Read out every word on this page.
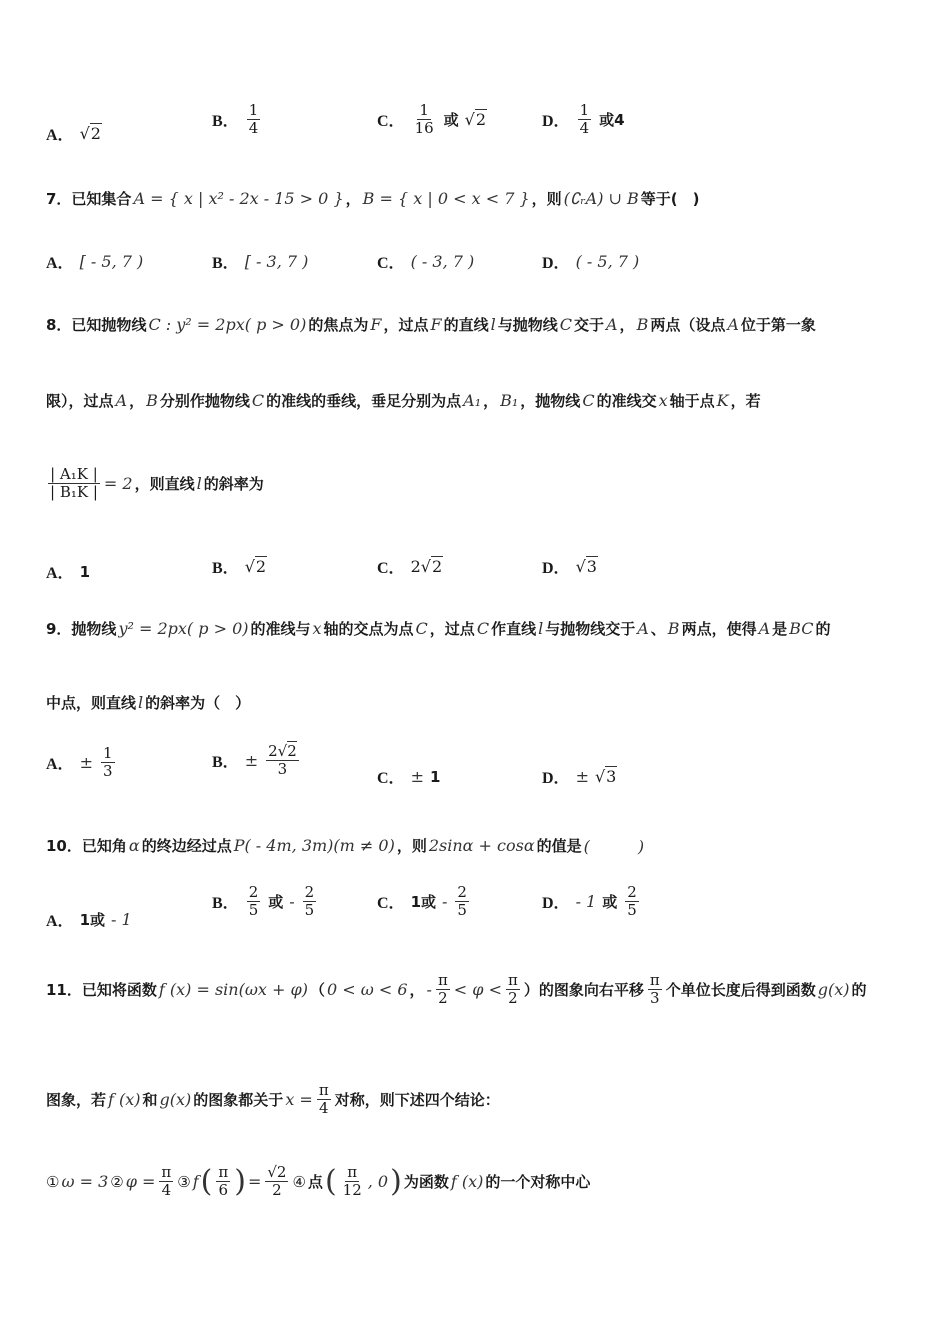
A． √2
B． $\frac{1}{4}$	C． $\frac{1}{16}$ 或 √2	D． $\frac{1}{4}$ 或4
7．已知集合 A = { x | x² - 2x - 15 > 0 } ， B = { x | 0 < x < 7 } ，则 (∁ᵣA) ∪ B 等于(　)
A． [ - 5, 7 )	B． [ - 3, 7 )	C． ( - 3, 7 )	D． ( - 5, 7 )
8．已知抛物线 C : y² = 2px( p > 0) 的焦点为 F ，过点 F 的直线 l 与抛物线 C 交于 A ， B 两点（设点 A 位于第一象
限），过点 A ， B 分别作抛物线 C 的准线的垂线，垂足分别为点 A₁ ， B₁ ，抛物线 C 的准线交 x 轴于点 K ，若
$\frac{\text{| A₁K |}}{\text{| B₁K |}} = 2$ ，则直线 l 的斜率为
A． 1	B． √2	C． 2√2	D． √3
9．抛物线 y² = 2px( p > 0) 的准线与 x 轴的交点为点 C ，过点 C 作直线 l 与抛物线交于 A 、 B 两点，使得 A 是 BC 的
中点，则直线 l 的斜率为（　）
A． ± $\frac{1}{3}$	B． ± $\frac{2√2}{3}$	C． ± 1	D． ± √3
10．已知角 α 的终边经过点 P( - 4m, 3m)(m ≠ 0) ，则 2sinα + cosα 的值是 (　　　)
A． 1或 - 1
B． $\frac{2}{5}$ 或 - $\frac{2}{5}$	C． 1或 - $\frac{2}{5}$	D． - 1 或 $\frac{2}{5}$
11．已知将函数 f (x) = sin(ωx + φ) （ 0 < ω < 6 ， - $\frac{\pi}{2} < \varphi < \frac{\pi}{2}$ ）的图象向右平移 $\frac{\pi}{3}$ 个单位长度后得到函数 g(x) 的
图象，若 f (x) 和 g(x) 的图象都关于 $x = \frac{\pi}{4}$ 对称，则下述四个结论：
① ω = 3 ② $\varphi = \frac{\pi}{4}$ ③ f ( $\frac{\pi}{6}$ ) = $\frac{√2}{2}$ ④ 点 ( $\frac{\pi}{12}$ , 0 ) 为函数 f (x) 的一个对称中心
